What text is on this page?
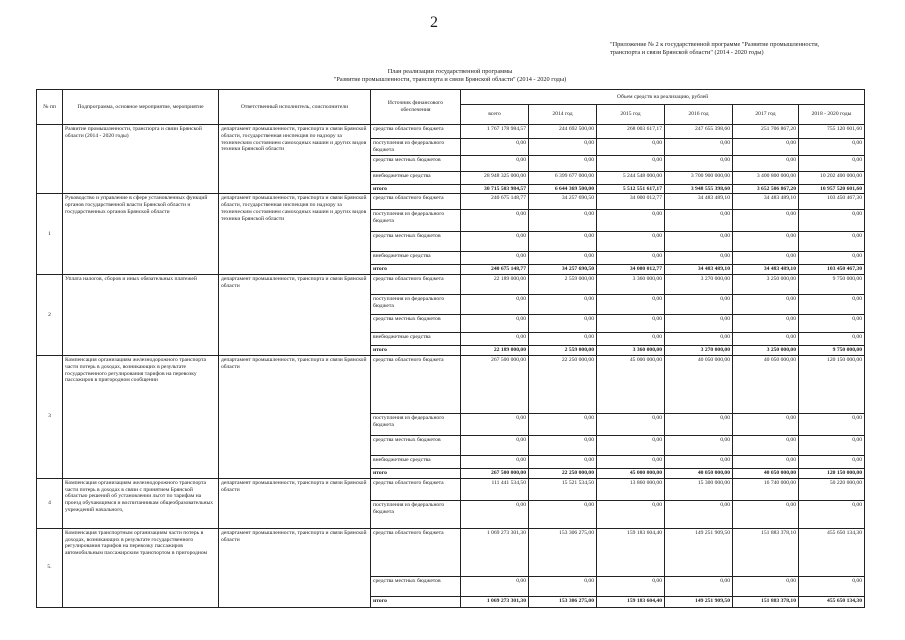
2
"Приложение № 2 к государственной программе "Развитие промышленности, транспорта и связи Брянской области" (2014 - 2020 годы)
План реализации государственной программы
"Развитие промышленности, транспорта и связи Брянской области" (2014 - 2020 годы)
№ пп	Подпрограмма, основное мероприятие, мероприятие	Ответственный исполнитель, соисполнители	Источник финансового обеспечения	Объем средств на реализацию, рублей					
				всего	2014 год	2015 год	2016 год	2017 год	2018 - 2020 годы
	Развитие промышленности, транспорта и связи Брянской области (2014 - 2020 годы)	департамент промышленности, транспорта и связи Брянской области, государственная инспекция по надзору за техническим состоянием самоходных машин и других видов техники Брянской области	средства областного бюджета	1 767 178 984,57	244 692 500,00	268 003 617,17	247 655 398,60	251 706 867,20	755 120 601,60
			поступления из федерального бюджета	0,00	0,00	0,00	0,00	0,00	0,00
			средства местных бюджетов	0,00	0,00	0,00	0,00	0,00	0,00
			внебюджетные средства	28 948 325 000,00	6 399 677 000,00	5 244 548 000,00	3 700 900 000,00	3 400 800 000,00	10 202 400 000,00
			итого	30 715 503 984,57	6 644 369 500,00	5 512 551 617,17	3 948 555 398,60	3 652 506 867,20	10 957 520 601,60
1	Руководство и управление в сфере установленных функций органов государственной власти Брянской области и государственных органов Брянской области	департамент промышленности, транспорта и связи Брянской области, государственная инспекция по надзору за техническим состоянием самоходных машин и других видов техники Брянской области	средства областного бюджета	240 675 148,77	34 257 690,50	34 000 012,77	34 483 489,10	34 483 489,10	103 450 467,30
			поступления из федерального бюджета	0,00	0,00	0,00	0,00	0,00	0,00
			средства местных бюджетов	0,00	0,00	0,00	0,00	0,00	0,00
			внебюджетные средства	0,00	0,00	0,00	0,00	0,00	0,00
			итого	240 675 148,77	34 257 690,50	34 000 012,77	34 483 489,10	34 483 489,10	103 450 467,30
2	Уплата налогов, сборов и иных обязательных платежей	департамент промышленности, транспорта и связи Брянской области	средства областного бюджета	22 189 000,00	2 559 000,00	3 360 000,00	3 270 000,00	3 250 000,00	9 750 000,00
			поступления из федерального бюджета	0,00	0,00	0,00	0,00	0,00	0,00
			средства местных бюджетов	0,00	0,00	0,00	0,00	0,00	0,00
			внебюджетные средства	0,00	0,00	0,00	0,00	0,00	0,00
			итого	22 189 000,00	2 559 000,00	3 360 000,00	3 270 000,00	3 250 000,00	9 750 000,00
3	Компенсация организациям железнодорожного транспорта части потерь в доходах, возникающих в результате государственного регулирования тарифов на перевозку пассажиров в пригородном сообщении	департамент промышленности, транспорта и связи Брянской области	средства областного бюджета	267 500 000,00	22 250 000,00	45 000 000,00	40 050 000,00	40 050 000,00	120 150 000,00
			поступления из федерального бюджета	0,00	0,00	0,00	0,00	0,00	0,00
			средства местных бюджетов	0,00	0,00	0,00	0,00	0,00	0,00
			внебюджетные средства	0,00	0,00	0,00	0,00	0,00	0,00
			итого	267 500 000,00	22 250 000,00	45 000 000,00	40 050 000,00	40 050 000,00	120 150 000,00
4	Компенсация организациям железнодорожного транспорта части потерь в доходах в связи с принятием Брянской областью решений об установлении льгот по тарифам на проезд обучающимся и воспитанникам общеобразовательных учреждений начального,	департамент промышленности, транспорта и связи Брянской области	средства областного бюджета	111 441 534,50	15 521 534,50	13 860 000,00	15 300 000,00	16 740 000,00	50 220 000,00
			поступления из федерального бюджета	0,00	0,00	0,00	0,00	0,00	0,00
5.	Компенсация транспортным организациям части потерь в доходах, возникающих в результате государственного регулирования тарифов на перевозку пассажиров автомобильным пассажирским транспортом в пригородном	департамент промышленности, транспорта и связи Брянской области	средства областного бюджета	1 069 273 301,30	153 306 275,00	159 183 604,40	149 251 909,50	151 883 378,10	455 650 134,30
			средства местных бюджетов	0,00	0,00	0,00	0,00	0,00	0,00
			итого	1 069 273 301,30	153 306 275,00	159 183 604,40	149 251 909,50	151 883 378,10	455 650 134,30
